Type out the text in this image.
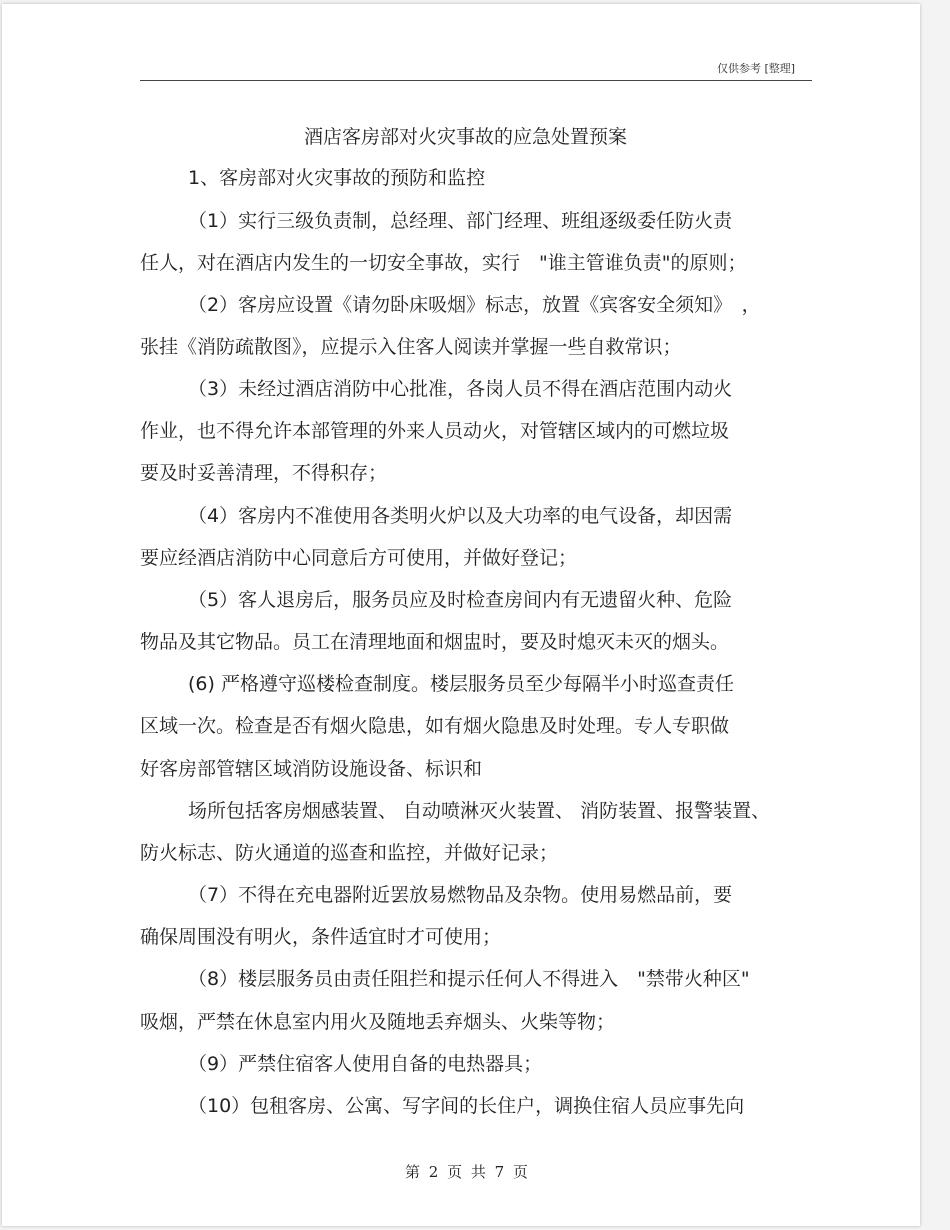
仅供参考 [整理]
酒店客房部对火灾事故的应急处置预案
1、客房部对火灾事故的预防和监控
（1）实行三级负责制，总经理、部门经理、班组逐级委任防火责
任人，对在酒店内发生的一切安全事故，实行　"谁主管谁负责"的原则；
（2）客房应设置《请勿卧床吸烟》标志，放置《宾客安全须知》　，
张挂《消防疏散图》，应提示入住客人阅读并掌握一些自救常识；
（3）未经过酒店消防中心批准，各岗人员不得在酒店范围内动火
作业，也不得允许本部管理的外来人员动火，对管辖区域内的可燃垃圾
要及时妥善清理，不得积存；
（4）客房内不准使用各类明火炉以及大功率的电气设备，却因需
要应经酒店消防中心同意后方可使用，并做好登记；
（5）客人退房后，服务员应及时检查房间内有无遗留火种、危险
物品及其它物品。员工在清理地面和烟盅时，要及时熄灭未灭的烟头。
(6) 严格遵守巡楼检查制度。楼层服务员至少每隔半小时巡查责任
区域一次。检查是否有烟火隐患，如有烟火隐患及时处理。专人专职做
好客房部管辖区域消防设施设备、标识和
场所包括客房烟感装置、 自动喷淋灭火装置、 消防装置、报警装置、
防火标志、防火通道的巡查和监控，并做好记录；
（7）不得在充电器附近罢放易燃物品及杂物。使用易燃品前，要
确保周围没有明火，条件适宜时才可使用；
（8）楼层服务员由责任阻拦和提示任何人不得进入　"禁带火种区"
吸烟，严禁在休息室内用火及随地丢弃烟头、火柴等物；
（9）严禁住宿客人使用自备的电热器具；
（10）包租客房、公寓、写字间的长住户，调换住宿人员应事先向
第 2 页 共 7 页
